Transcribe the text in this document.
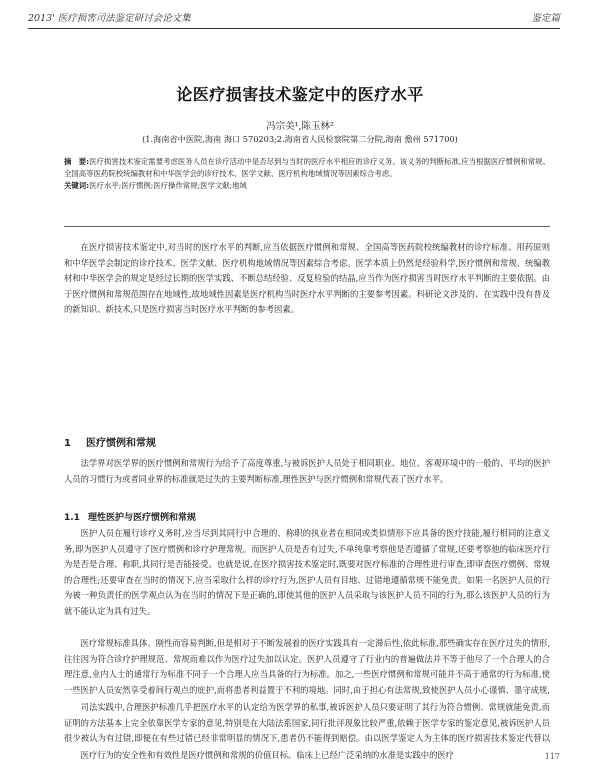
2013' 医疗损害司法鉴定研讨会论文集	鉴定篇
论医疗损害技术鉴定中的医疗水平
冯宗美¹,陈玉林²
(1.海南省中医院,海南 海口 570203;2.海南省人民检察院第二分院,海南 儋州 571700)
摘　要:医疗损害技术鉴定需要考虑医务人员在诊疗活动中是否尽到与当时的医疗水平相应的诊疗义务。该义务的判断标准,应当根据医疗惯例和常规、全国高等医药院校统编教材和中华医学会的诊疗技术、医学文献、医疗机构地域情况等因素综合考虑。
关键词:医疗水平;医疗惯例;医疗操作常规;医学文献;地域

在医疗损害技术鉴定中,对当时的医疗水平的判断,应当依据医疗惯例和常规、全国高等医药院校统编教材的诊疗标准、用药原则和中华医学会制定的诊疗技术、医学文献、医疗机构地域情况等因素综合考虑。医学本质上仍然是经验科学,医疗惯例和常规、统编教材和中华医学会的规定是经过长期的医学实践、不断总结经验、反复检验的结晶,应当作为医疗损害当时医疗水平判断的主要依据。由于医疗惯例和常规范围存在地域性,故地域性因素是医疗机构当时医疗水平判断的主要参考因素。科研论文涉及的、在实践中没有普及的新知识、新技术,只是医疗损害当时医疗水平判断的参考因素。

1 医疗惯例和常规

法学界对医学界的医疗惯例和常规行为给予了高度尊重,与被诉医护人员处于相同职业、地位、客观环境中的一般的、平均的医护人员的习惯行为或者同业界的标准就是过失的主要判断标准,理性医护与医疗惯例和常规代表了医疗水平。

1.1 理性医护与医疗惯例和常规

医护人员在履行诊疗义务时,应当尽到其同行中合理的、称职的执业者在相同或类似情形下应具备的医疗技能,履行相同的注意义务,即为医护人员遵守了医疗惯例和诊疗护理常规。而医护人员是否有过失,不单纯靠考察他是否遵循了常规,还要考察他的临床医疗行为是否是合理、称职,其同行是否能接受。也就是说,在医疗损害技术鉴定时,既要对医疗标准的合理性进行审查,即审查医疗惯例、常规的合理性;还要审查在当时的情况下,应当采取什么样的诊疗行为,医护人员有目地、过错地遵循常规不能免责。如果一名医护人员的行为被一种负责任的医学观点认为在当时的情况下是正确的,即使其他的医护人员采取与该医护人员不同的行为,那么该医护人员的行为就不能认定为具有过失。

医疗常规标准具体、刚性而容易判断,但是相对于不断发展着的医疗实践具有一定滞后性,依此标准,那些确实存在医疗过失的情形,往往因为符合诊疗护理规范、常规而难以作为医疗过失加以认定。医护人员遵守了行业内的普遍做法并不等于他尽了一个合理人的合理注意,业内人士的通常行为标准不同于一个合理人应当具备的行为标准。加之,一些医疗惯例和常规可能并不高于通常的行为标准,使一些医护人员安然享受着间行观点的庇护,而将患者利益置于不利的境地。同时,由于担心有法常规,致使医护人员小心谨慎、墨守成规,

司法实践中,合理医护标准几乎把医疗水平的认定给为医学界的私事,被诉医护人员只要证明了其行为符合惯例、常规就能免责,而证明的方法基本上完全依靠医学专家的意见,特别是在大陆法系国家,同行批评现象比较严重,依赖于医学专家的鉴定意见,被诉医护人员很少被认为有过错,即便在有些过错已经非常明显的情况下,患者仍不能得到赔偿。由以医学鉴定人为主体的医疗损害技术鉴定代替以

医疗行为的安全性和有效性是医疗惯例和常规的价值目标。临床上已经广泛采纳的水准是实践中的医疗	117
